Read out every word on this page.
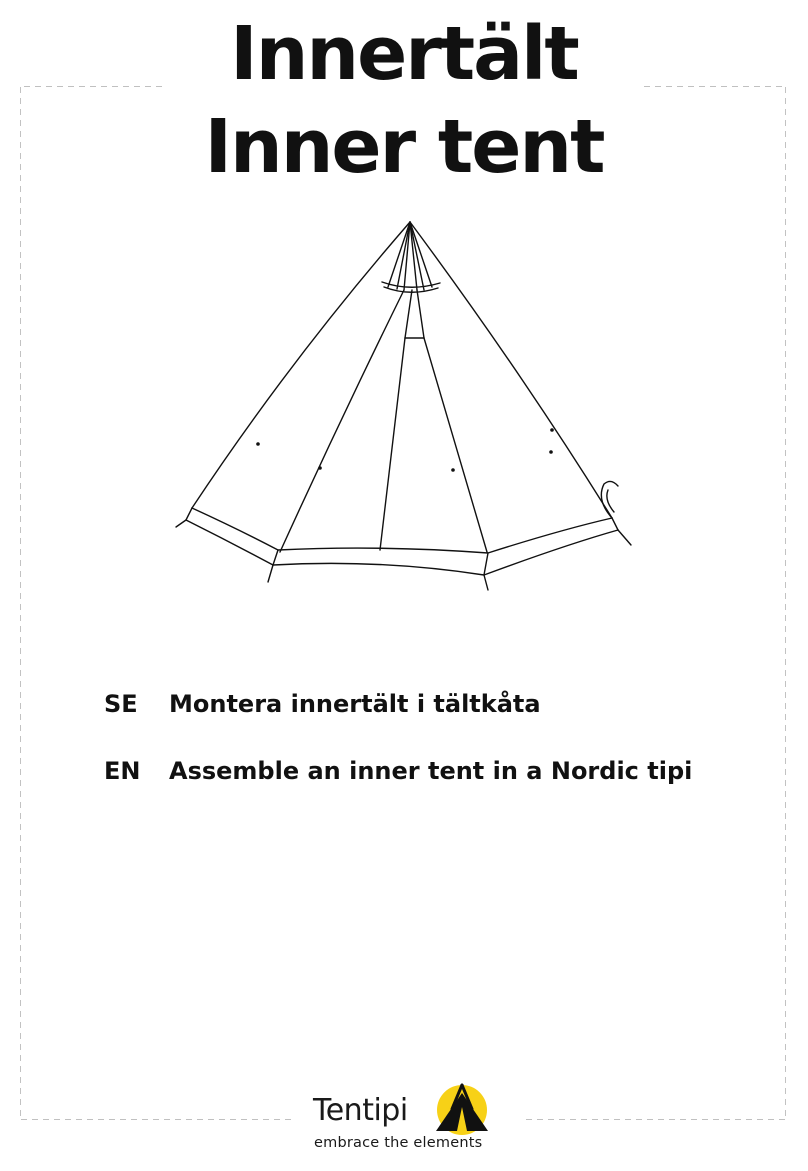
Innertält
Inner tent
SE	Montera innertält i tältkåta
EN	Assemble an inner tent in a Nordic tipi
Tentipi
embrace the elements
